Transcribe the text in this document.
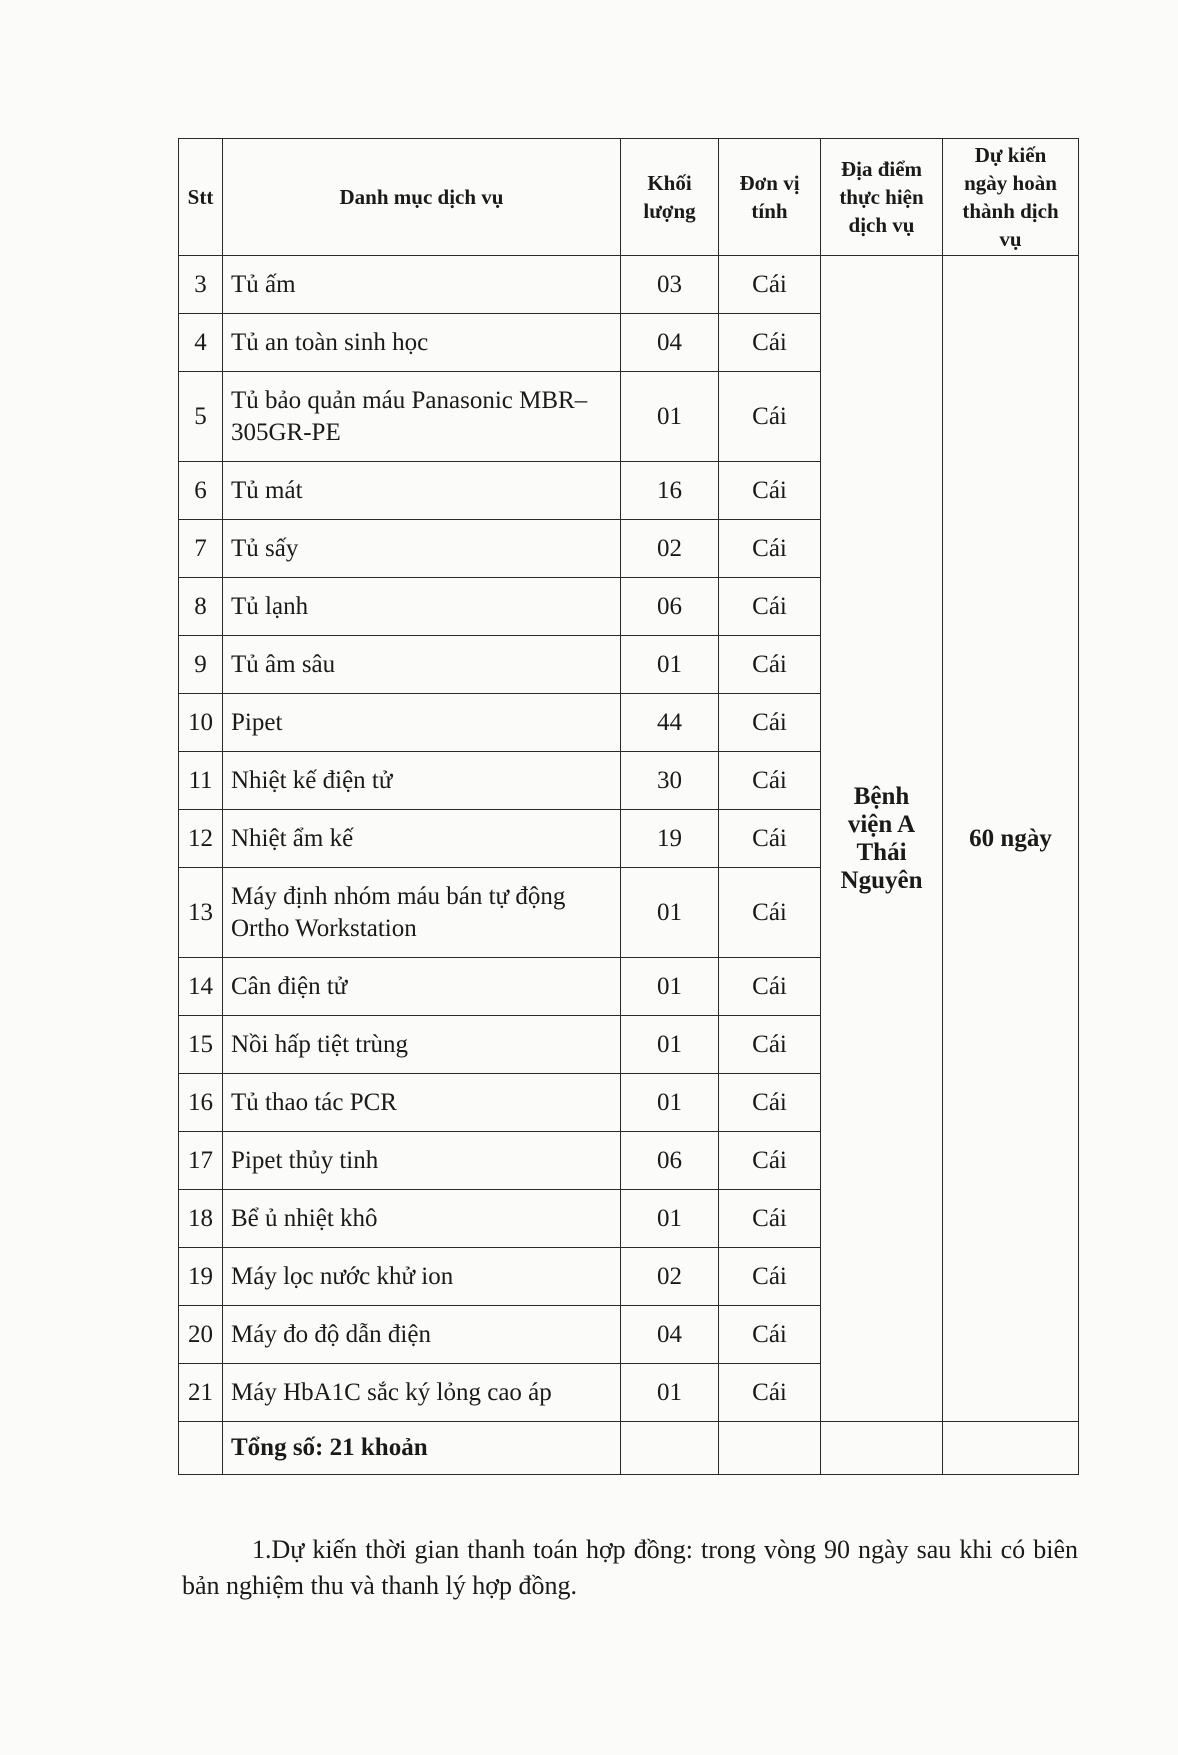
Stt	Danh mục dịch vụ	Khối lượng	Đơn vị tính	Địa điểm thực hiện dịch vụ	Dự kiến ngày hoàn thành dịch vụ
3	Tủ ấm	03	Cái	Bệnh viện A Thái Nguyên	60 ngày
4	Tủ an toàn sinh học	04	Cái		
5	Tủ bảo quản máu Panasonic MBR–305GR-PE	01	Cái		
6	Tủ mát	16	Cái		
7	Tủ sấy	02	Cái		
8	Tủ lạnh	06	Cái		
9	Tủ âm sâu	01	Cái		
10	Pipet	44	Cái		
11	Nhiệt kế điện tử	30	Cái		
12	Nhiệt ẩm kế	19	Cái		
13	Máy định nhóm máu bán tự động Ortho Workstation	01	Cái		
14	Cân điện tử	01	Cái		
15	Nồi hấp tiệt trùng	01	Cái		
16	Tủ thao tác PCR	01	Cái		
17	Pipet thủy tinh	06	Cái		
18	Bể ủ nhiệt khô	01	Cái		
19	Máy lọc nước khử ion	02	Cái		
20	Máy đo độ dẫn điện	04	Cái		
21	Máy HbA1C sắc ký lỏng cao áp	01	Cái		
	Tổng số: 21 khoản				
1.Dự kiến thời gian thanh toán hợp đồng: trong vòng 90 ngày sau khi có biên bản nghiệm thu và thanh lý hợp đồng.
